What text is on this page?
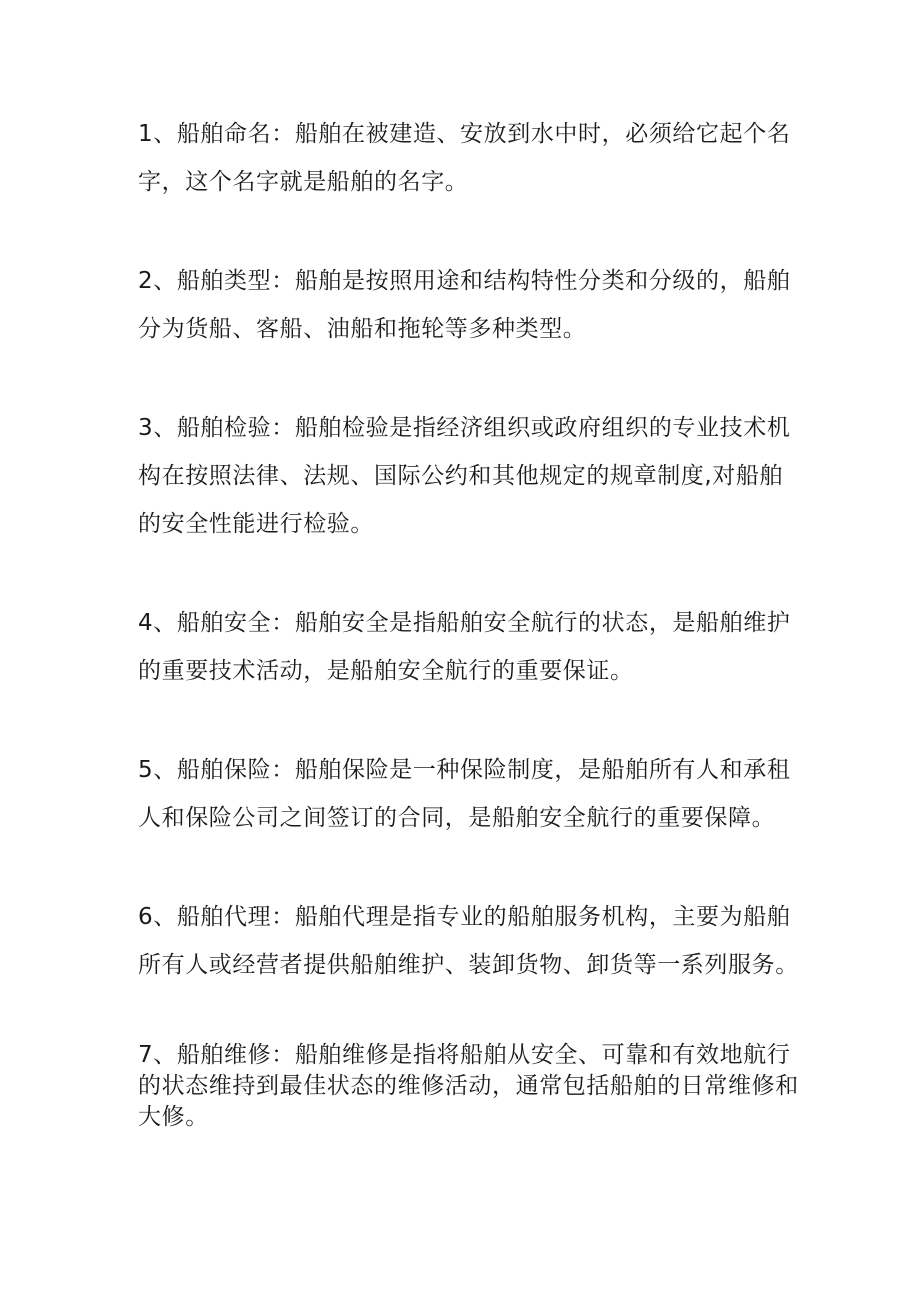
1、船舶命名：船舶在被建造、安放到水中时，必须给它起个名
字，这个名字就是船舶的名字。

2、船舶类型：船舶是按照用途和结构特性分类和分级的，船舶
分为货船、客船、油船和拖轮等多种类型。

3、船舶检验：船舶检验是指经济组织或政府组织的专业技术机
构在按照法律、法规、国际公约和其他规定的规章制度,对船舶
的安全性能进行检验。

4、船舶安全：船舶安全是指船舶安全航行的状态，是船舶维护
的重要技术活动，是船舶安全航行的重要保证。

5、船舶保险：船舶保险是一种保险制度，是船舶所有人和承租
人和保险公司之间签订的合同，是船舶安全航行的重要保障。

6、船舶代理：船舶代理是指专业的船舶服务机构，主要为船舶
所有人或经营者提供船舶维护、装卸货物、卸货等一系列服务。

7、船舶维修：船舶维修是指将船舶从安全、可靠和有效地航行
的状态维持到最佳状态的维修活动，通常包括船舶的日常维修和
大修。
